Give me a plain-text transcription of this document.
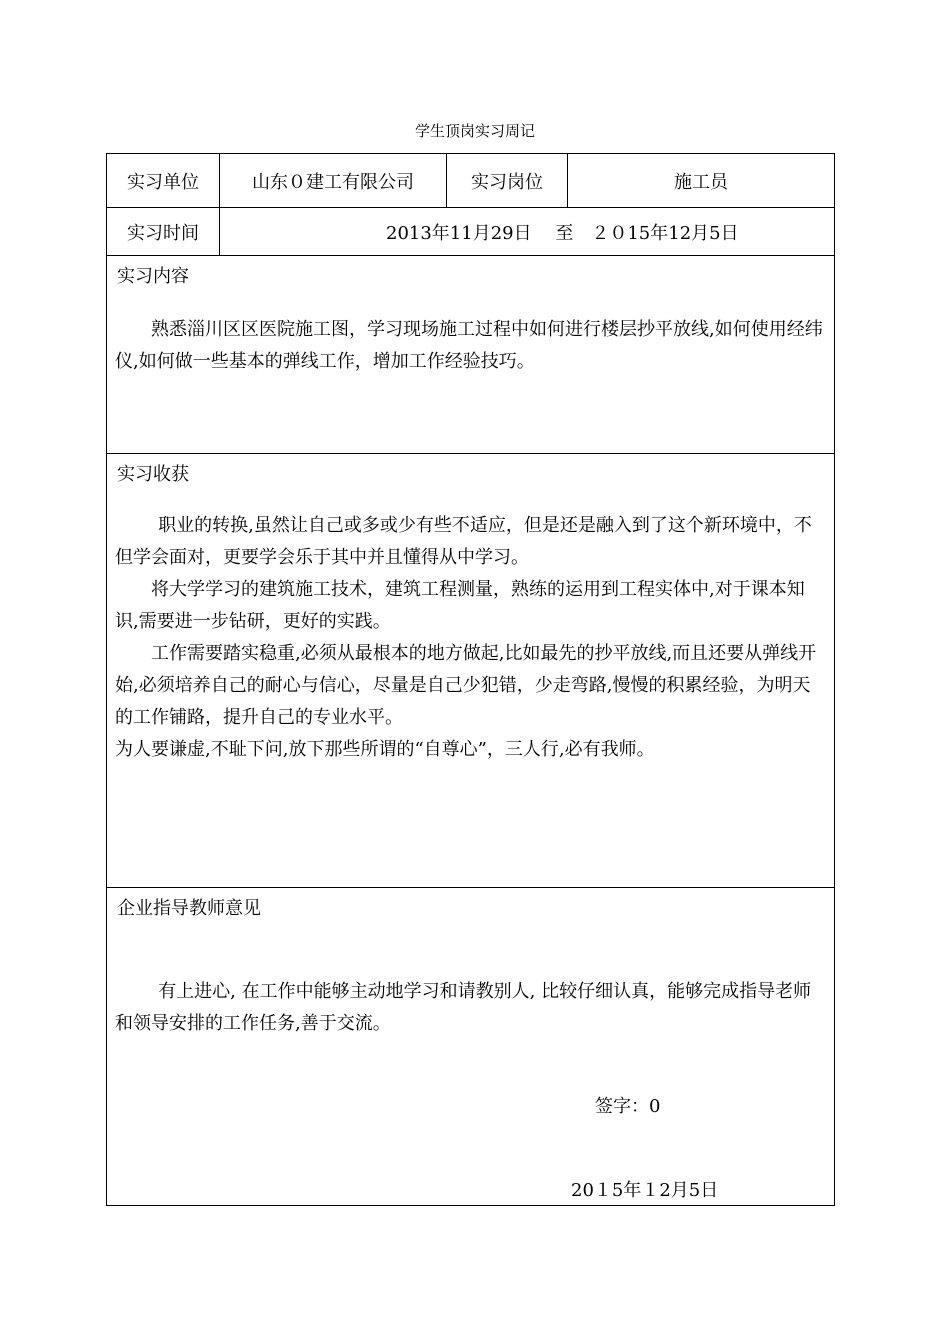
学生顶岗实习周记
实习单位	山东０建工有限公司	实习岗位	施工员
实习时间	2013年11月29日　 至　２０15年12月5日		

实习内容

熟悉淄川区区医院施工图，学习现场施工过程中如何进行楼层抄平放线,如何使用经纬仪,如何做一些基本的弹线工作，增加工作经验技巧。			

实习收获

职业的转换,虽然让自己或多或少有些不适应，但是还是融入到了这个新环境中，不但学会面对，更要学会乐于其中并且懂得从中学习。

将大学学习的建筑施工技术，建筑工程测量，熟练的运用到工程实体中,对于课本知识,需要进一步钻研，更好的实践。

工作需要踏实稳重,必须从最根本的地方做起,比如最先的抄平放线,而且还要从弹线开始,必须培养自己的耐心与信心，尽量是自己少犯错，少走弯路,慢慢的积累经验，为明天的工作铺路，提升自己的专业水平。

为人要谦虚,不耻下问,放下那些所谓的“自尊心”，三人行,必有我师。			

企业指导教师意见

有上进心, 在工作中能够主动地学习和请教别人, 比较仔细认真，能够完成指导老师和领导安排的工作任务,善于交流。

签字：0
20１5年１2月5日			
